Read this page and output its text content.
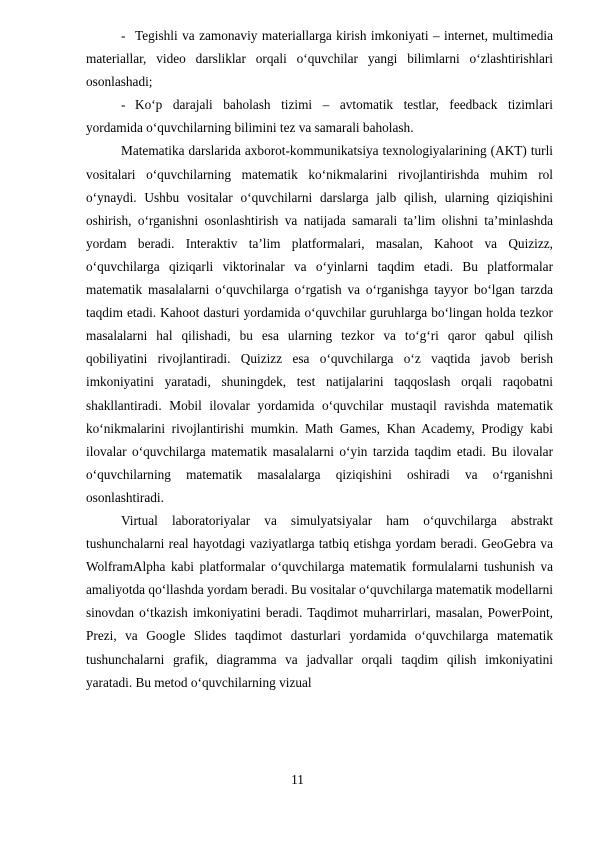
- Tegishli va zamonaviy materiallarga kirish imkoniyati – internet, multimedia materiallar, video darsliklar orqali o‘quvchilar yangi bilimlarni o‘zlashtirishlari osonlashadi;

- Ko‘p darajali baholash tizimi – avtomatik testlar, feedback tizimlari yordamida o‘quvchilarning bilimini tez va samarali baholash.

Matematika darslarida axborot-kommunikatsiya texnologiyalarining (AKT) turli vositalari o‘quvchilarning matematik ko‘nikmalarini rivojlantirishda muhim rol o‘ynaydi. Ushbu vositalar o‘quvchilarni darslarga jalb qilish, ularning qiziqishini oshirish, o‘rganishni osonlashtirish va natijada samarali ta’lim olishni ta’minlashda yordam beradi. Interaktiv ta’lim platformalari, masalan, Kahoot va Quizizz, o‘quvchilarga qiziqarli viktorinalar va o‘yinlarni taqdim etadi. Bu platformalar matematik masalalarni o‘quvchilarga o‘rgatish va o‘rganishga tayyor bo‘lgan tarzda taqdim etadi. Kahoot dasturi yordamida o‘quvchilar guruhlarga bo‘lingan holda tezkor masalalarni hal qilishadi, bu esa ularning tezkor va to‘g‘ri qaror qabul qilish qobiliyatini rivojlantiradi. Quizizz esa o‘quvchilarga o‘z vaqtida javob berish imkoniyatini yaratadi, shuningdek, test natijalarini taqqoslash orqali raqobatni shakllantiradi. Mobil ilovalar yordamida o‘quvchilar mustaqil ravishda matematik ko‘nikmalarini rivojlantirishi mumkin. Math Games, Khan Academy, Prodigy kabi ilovalar o‘quvchilarga matematik masalalarni o‘yin tarzida taqdim etadi. Bu ilovalar o‘quvchilarning matematik masalalarga qiziqishini oshiradi va o‘rganishni osonlashtiradi.

Virtual laboratoriyalar va simulyatsiyalar ham o‘quvchilarga abstrakt tushunchalarni real hayotdagi vaziyatlarga tatbiq etishga yordam beradi. GeoGebra va WolframAlpha kabi platformalar o‘quvchilarga matematik formulalarni tushunish va amaliyotda qo‘llashda yordam beradi. Bu vositalar o‘quvchilarga matematik modellarni sinovdan o‘tkazish imkoniyatini beradi. Taqdimot muharrirlari, masalan, PowerPoint, Prezi, va Google Slides taqdimot dasturlari yordamida o‘quvchilarga matematik tushunchalarni grafik, diagramma va jadvallar orqali taqdim qilish imkoniyatini yaratadi. Bu metod o‘quvchilarning vizual

11
